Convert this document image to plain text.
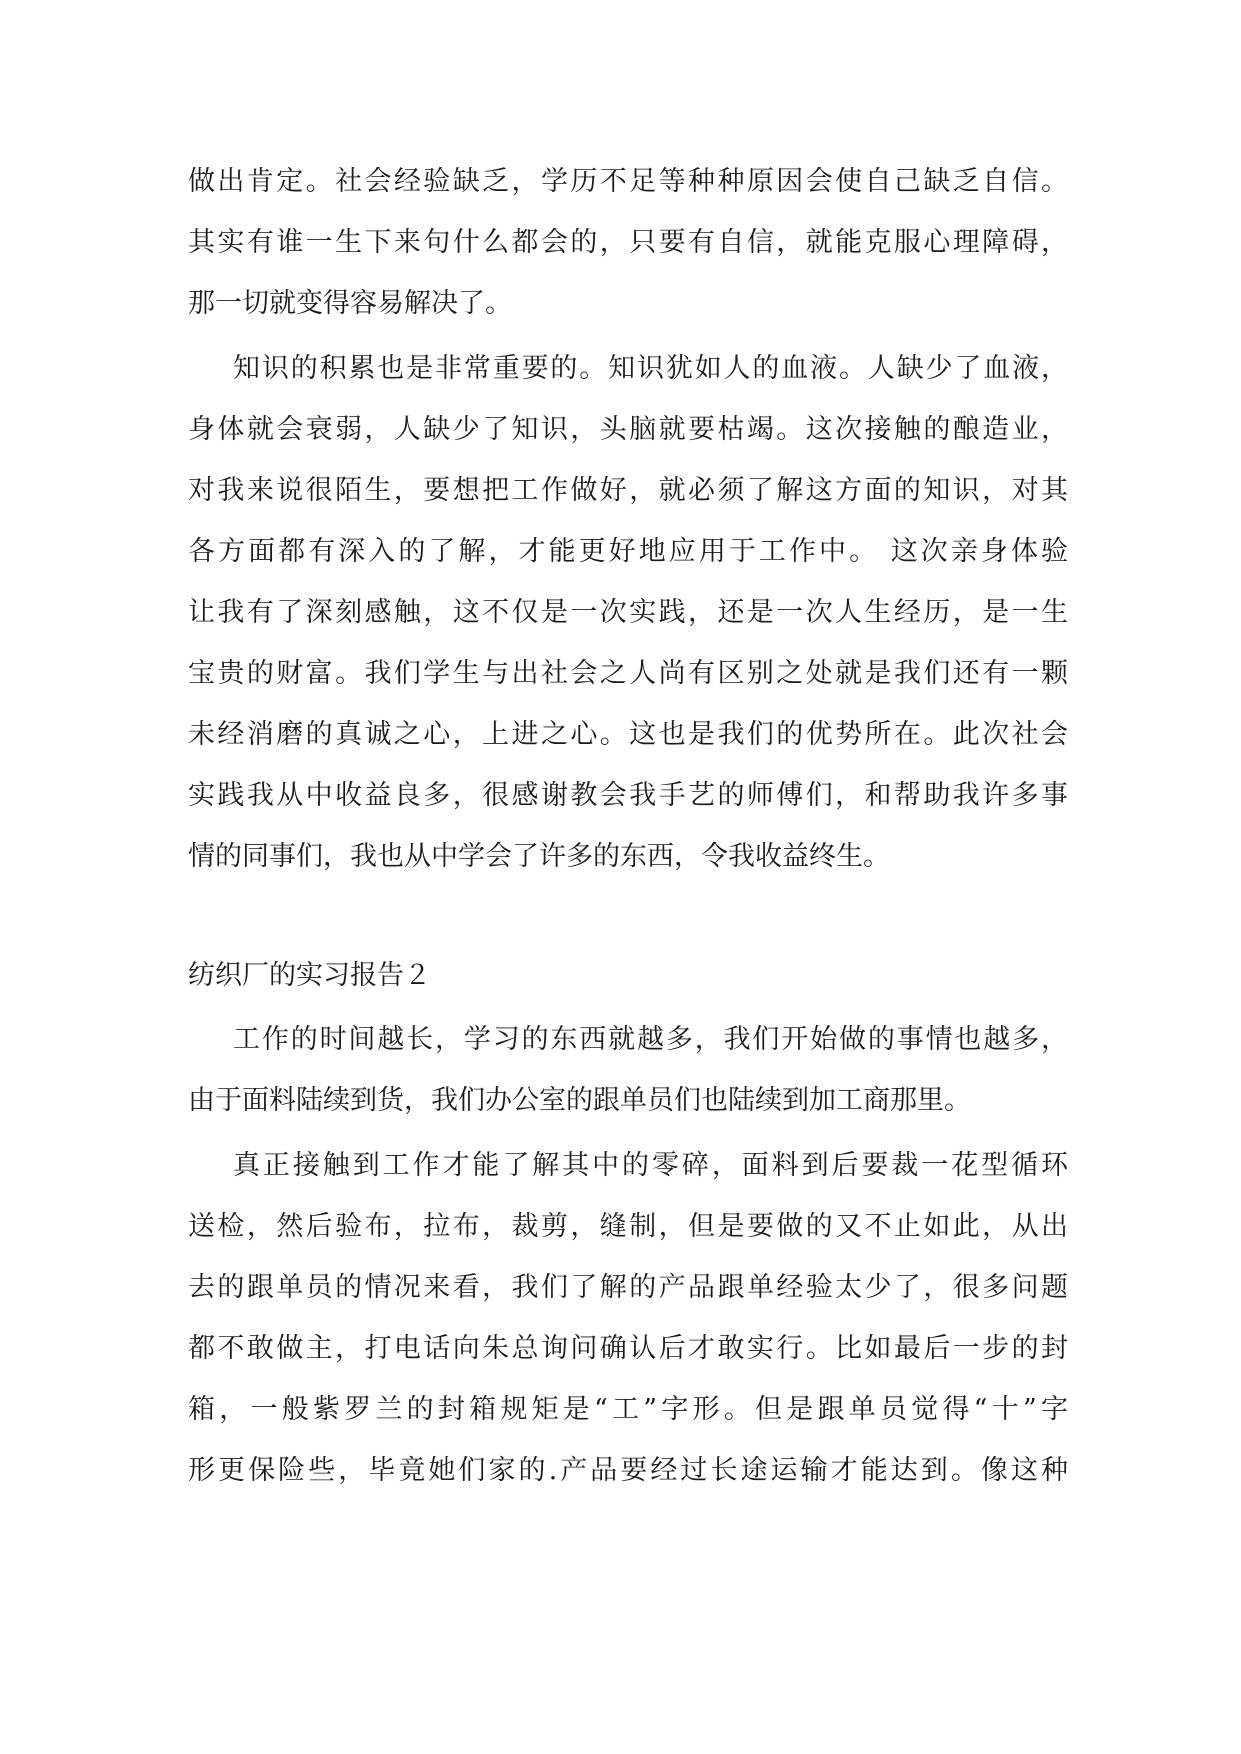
做出肯定。社会经验缺乏，学历不足等种种原因会使自己缺乏自信。
其实有谁一生下来句什么都会的，只要有自信，就能克服心理障碍，
那一切就变得容易解决了。
知识的积累也是非常重要的。知识犹如人的血液。人缺少了血液，
身体就会衰弱，人缺少了知识，头脑就要枯竭。这次接触的酿造业，
对我来说很陌生，要想把工作做好，就必须了解这方面的知识，对其
各方面都有深入的了解，才能更好地应用于工作中。 这次亲身体验
让我有了深刻感触，这不仅是一次实践，还是一次人生经历，是一生
宝贵的财富。我们学生与出社会之人尚有区别之处就是我们还有一颗
未经消磨的真诚之心，上进之心。这也是我们的优势所在。此次社会
实践我从中收益良多，很感谢教会我手艺的师傅们，和帮助我许多事
情的同事们，我也从中学会了许多的东西，令我收益终生。
纺织厂的实习报告２
工作的时间越长，学习的东西就越多，我们开始做的事情也越多，
由于面料陆续到货，我们办公室的跟单员们也陆续到加工商那里。
真正接触到工作才能了解其中的零碎，面料到后要裁一花型循环
送检，然后验布，拉布，裁剪，缝制，但是要做的又不止如此，从出
去的跟单员的情况来看，我们了解的产品跟单经验太少了，很多问题
都不敢做主，打电话向朱总询问确认后才敢实行。比如最后一步的封
箱，一般紫罗兰的封箱规矩是“工”字形。但是跟单员觉得“十”字
形更保险些，毕竟她们家的.产品要经过长途运输才能达到。像这种
